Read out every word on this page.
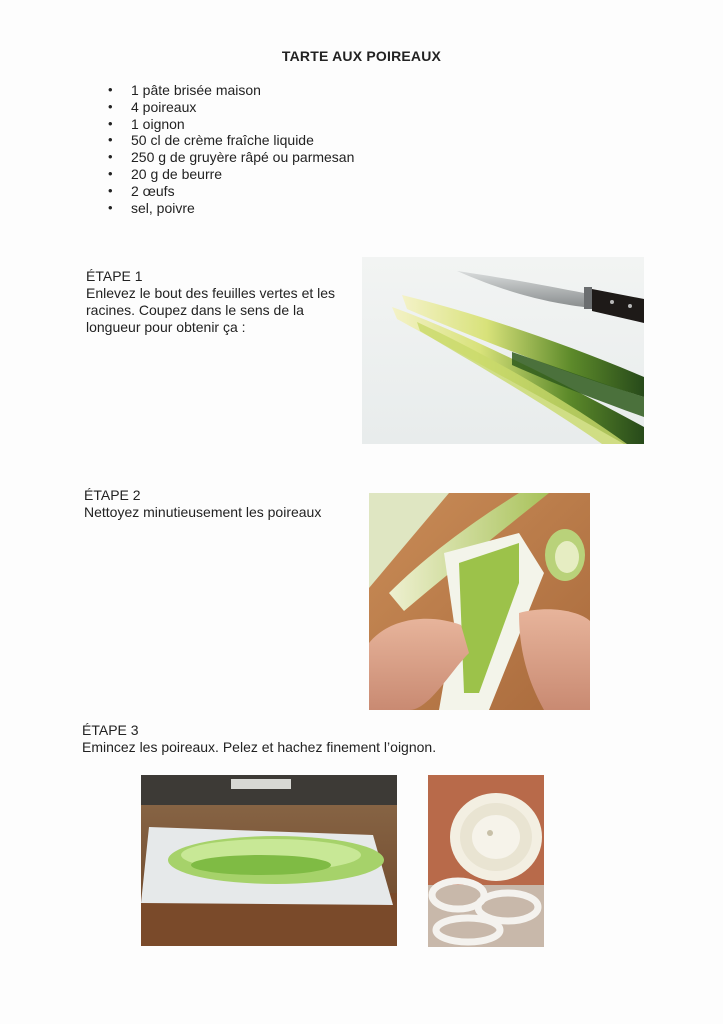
TARTE AUX POIREAUX
• 1 pâte brisée maison
• 4 poireaux
• 1 oignon
• 50 cl de crème fraîche liquide
• 250 g de gruyère râpé ou parmesan
• 20 g de beurre
• 2 œufs
• sel, poivre
ÉTAPE 1
Enlevez le bout des feuilles vertes et les
racines. Coupez dans le sens de la
longueur pour obtenir ça :
ÉTAPE 2
Nettoyez minutieusement les poireaux
ÉTAPE 3
Emincez les poireaux. Pelez et hachez finement l’oignon.
